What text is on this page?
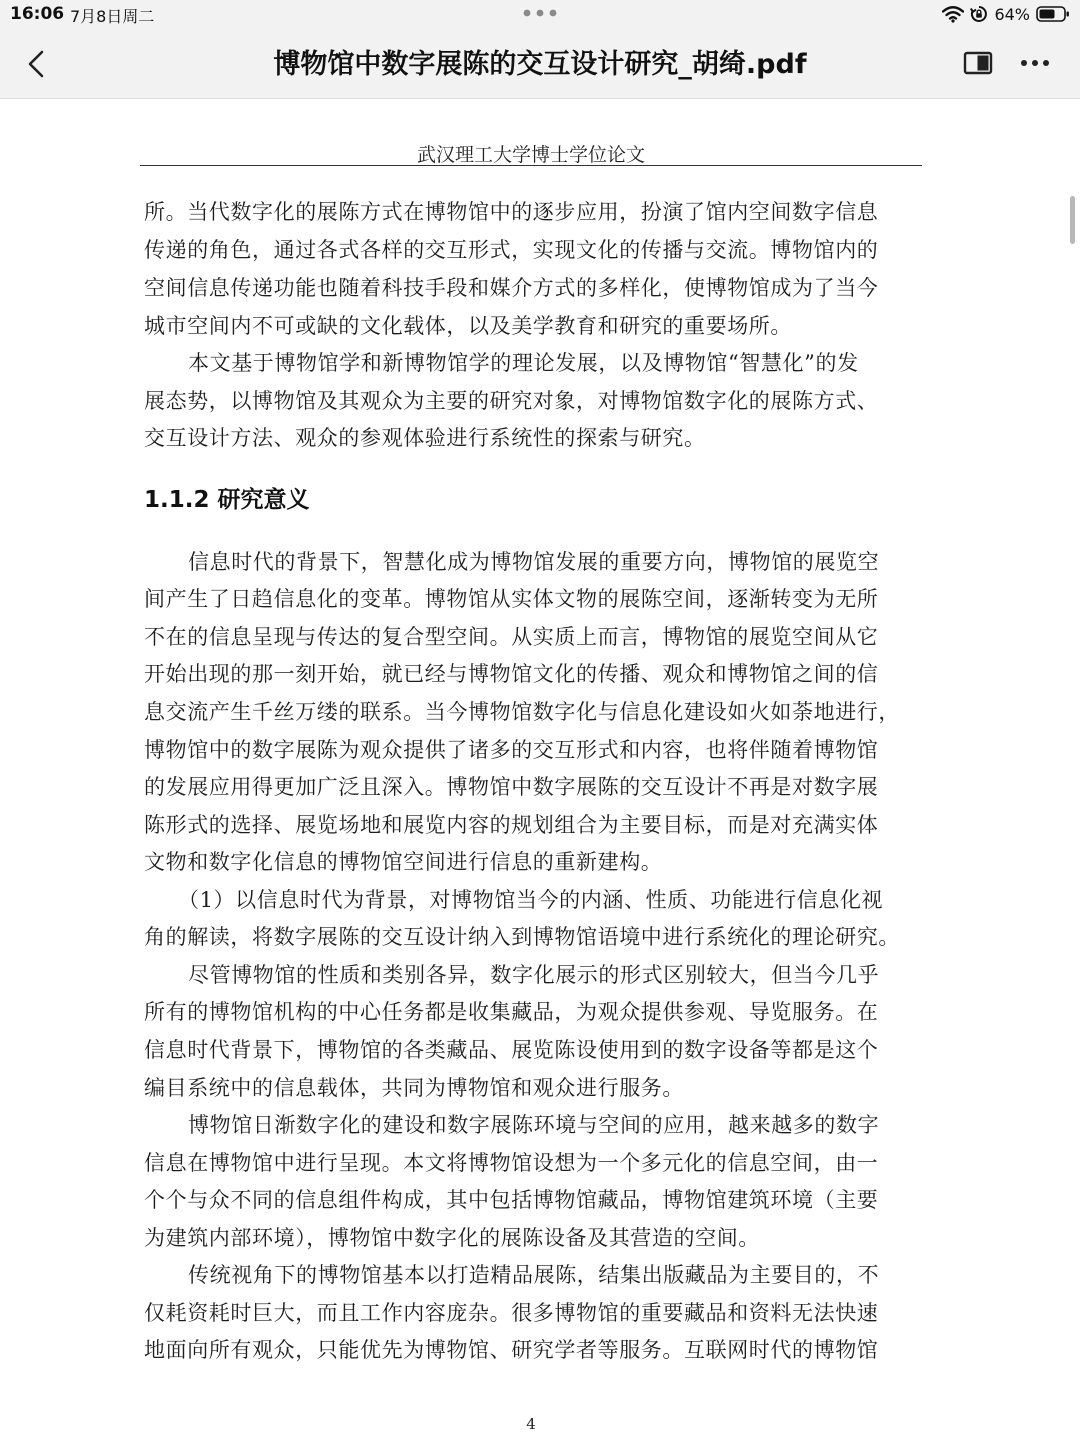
16:06 7月8日周二	64%
博物馆中数字展陈的交互设计研究_胡绮.pdf
武汉理工大学博士学位论文
所。当代数字化的展陈方式在博物馆中的逐步应用，扮演了馆内空间数字信息
传递的角色，通过各式各样的交互形式，实现文化的传播与交流。博物馆内的
空间信息传递功能也随着科技手段和媒介方式的多样化，使博物馆成为了当今
城市空间内不可或缺的文化载体，以及美学教育和研究的重要场所。
本文基于博物馆学和新博物馆学的理论发展，以及博物馆“智慧化”的发
展态势，以博物馆及其观众为主要的研究对象，对博物馆数字化的展陈方式、
交互设计方法、观众的参观体验进行系统性的探索与研究。
1.1.2 研究意义
信息时代的背景下，智慧化成为博物馆发展的重要方向，博物馆的展览空
间产生了日趋信息化的变革。博物馆从实体文物的展陈空间，逐渐转变为无所
不在的信息呈现与传达的复合型空间。从实质上而言，博物馆的展览空间从它
开始出现的那一刻开始，就已经与博物馆文化的传播、观众和博物馆之间的信
息交流产生千丝万缕的联系。当今博物馆数字化与信息化建设如火如荼地进行，
博物馆中的数字展陈为观众提供了诸多的交互形式和内容，也将伴随着博物馆
的发展应用得更加广泛且深入。博物馆中数字展陈的交互设计不再是对数字展
陈形式的选择、展览场地和展览内容的规划组合为主要目标，而是对充满实体
文物和数字化信息的博物馆空间进行信息的重新建构。
（1）以信息时代为背景，对博物馆当今的内涵、性质、功能进行信息化视
角的解读，将数字展陈的交互设计纳入到博物馆语境中进行系统化的理论研究。
尽管博物馆的性质和类别各异，数字化展示的形式区别较大，但当今几乎
所有的博物馆机构的中心任务都是收集藏品，为观众提供参观、导览服务。在
信息时代背景下，博物馆的各类藏品、展览陈设使用到的数字设备等都是这个
编目系统中的信息载体，共同为博物馆和观众进行服务。
博物馆日渐数字化的建设和数字展陈环境与空间的应用，越来越多的数字
信息在博物馆中进行呈现。本文将博物馆设想为一个多元化的信息空间，由一
个个与众不同的信息组件构成，其中包括博物馆藏品，博物馆建筑环境（主要
为建筑内部环境），博物馆中数字化的展陈设备及其营造的空间。
传统视角下的博物馆基本以打造精品展陈，结集出版藏品为主要目的，不
仅耗资耗时巨大，而且工作内容庞杂。很多博物馆的重要藏品和资料无法快速
地面向所有观众，只能优先为博物馆、研究学者等服务。互联网时代的博物馆
4
